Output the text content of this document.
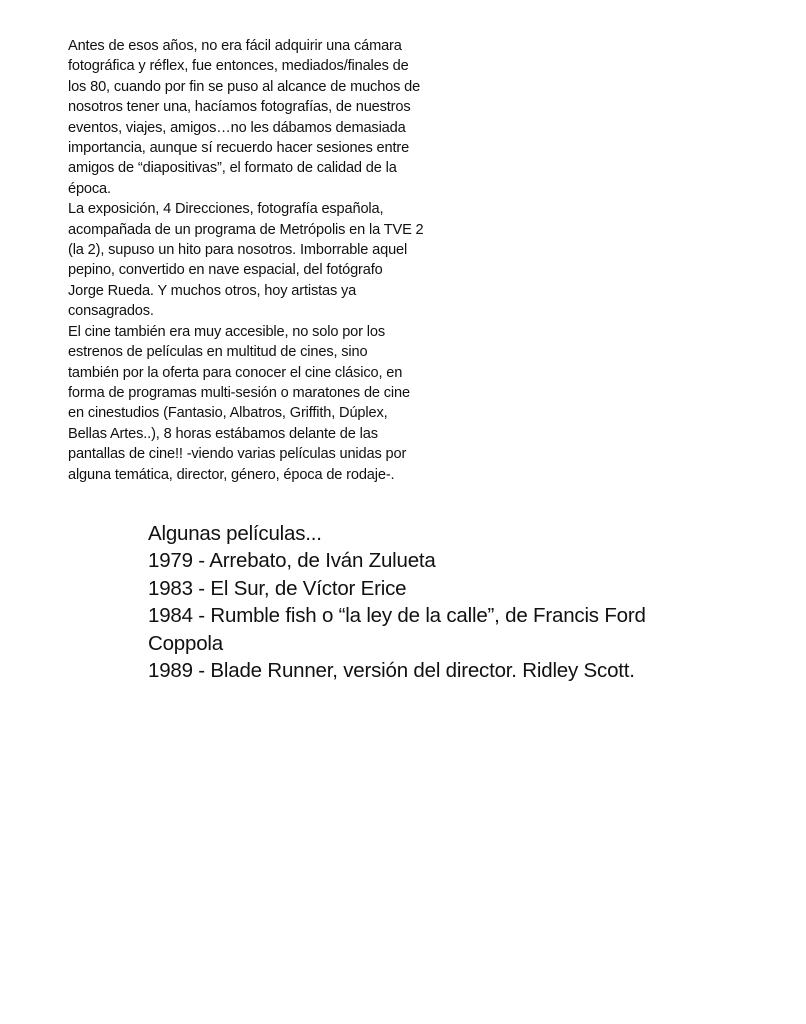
Antes de esos años, no era fácil adquirir una cámara
fotográfica y réflex, fue entonces, mediados/finales de
los 80, cuando por fin se puso al alcance de muchos de
nosotros tener una, hacíamos fotografías, de nuestros
eventos, viajes, amigos…no les dábamos demasiada
importancia, aunque sí recuerdo hacer sesiones entre
amigos de “diapositivas”, el formato de calidad de la
época.
La exposición, 4 Direcciones, fotografía española,
acompañada de un programa de Metrópolis en la TVE 2
(la 2), supuso un hito para nosotros. Imborrable aquel
pepino, convertido en nave espacial, del fotógrafo
Jorge Rueda. Y muchos otros, hoy artistas ya
consagrados.
El cine también era muy accesible, no solo por los
estrenos de películas en multitud de cines, sino
también por la oferta para conocer el cine clásico, en
forma de programas multi-sesión o maratones de cine
en cinestudios (Fantasio, Albatros, Griffith, Dúplex,
Bellas Artes..), 8 horas estábamos delante de las
pantallas de cine!! -viendo varias películas unidas por
alguna temática, director, género, época de rodaje-.
Algunas películas...
1979 - Arrebato, de Iván Zulueta
1983 - El Sur, de Víctor Erice
1984 - Rumble fish o “la ley de la calle”, de Francis Ford
Coppola
1989 - Blade Runner, versión del director. Ridley Scott.
